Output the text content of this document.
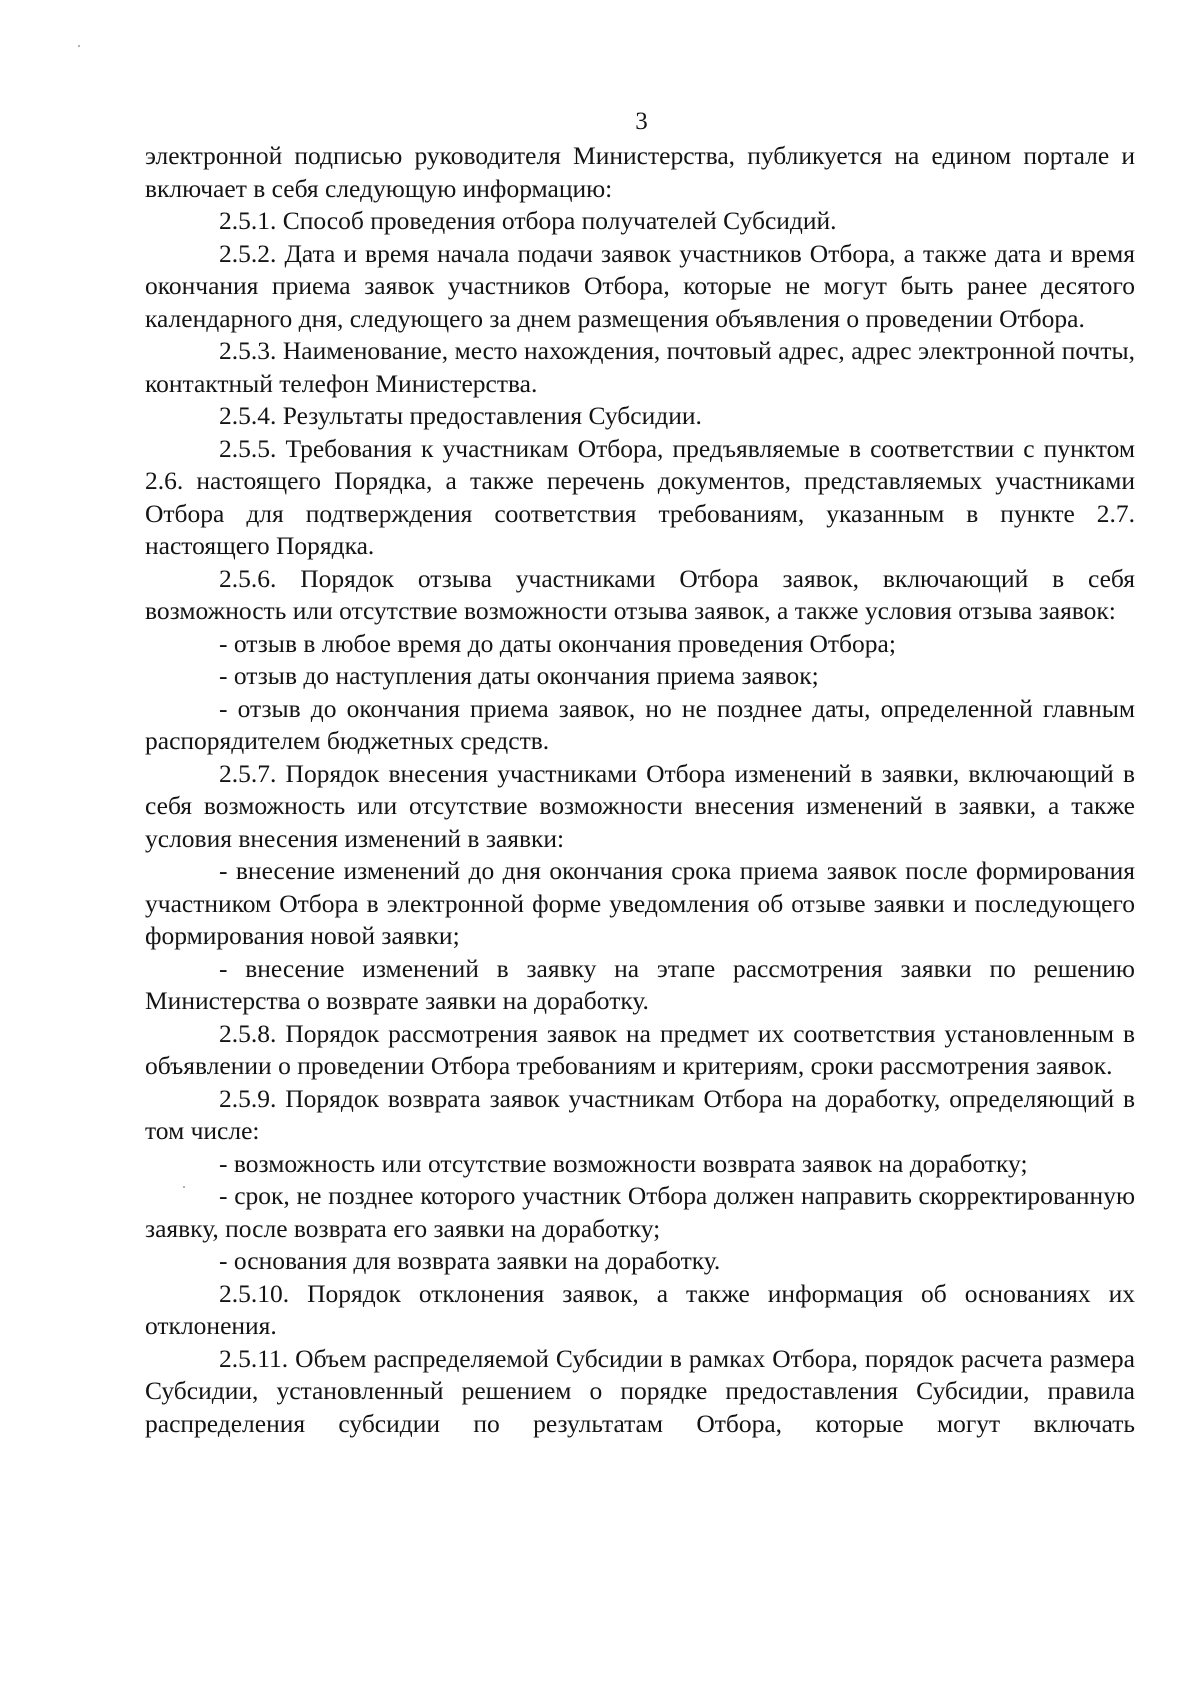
3

электронной подписью руководителя Министерства, публикуется на едином портале и включает в себя следующую информацию:

2.5.1. Способ проведения отбора получателей Субсидий.

2.5.2. Дата и время начала подачи заявок участников Отбора, а также дата и время окончания приема заявок участников Отбора, которые не могут быть ранее десятого календарного дня, следующего за днем размещения объявления о проведении Отбора.

2.5.3. Наименование, место нахождения, почтовый адрес, адрес электронной почты, контактный телефон Министерства.

2.5.4. Результаты предоставления Субсидии.

2.5.5. Требования к участникам Отбора, предъявляемые в соответствии с пунктом 2.6. настоящего Порядка, а также перечень документов, представляемых участниками Отбора для подтверждения соответствия требованиям, указанным в пункте 2.7. настоящего Порядка.

2.5.6. Порядок отзыва участниками Отбора заявок, включающий в себя возможность или отсутствие возможности отзыва заявок, а также условия отзыва заявок:

- отзыв в любое время до даты окончания проведения Отбора;

- отзыв до наступления даты окончания приема заявок;

- отзыв до окончания приема заявок, но не позднее даты, определенной главным распорядителем бюджетных средств.

2.5.7. Порядок внесения участниками Отбора изменений в заявки, включающий в себя возможность или отсутствие возможности внесения изменений в заявки, а также условия внесения изменений в заявки:

- внесение изменений до дня окончания срока приема заявок после формирования участником Отбора в электронной форме уведомления об отзыве заявки и последующего формирования новой заявки;

- внесение изменений в заявку на этапе рассмотрения заявки по решению Министерства о возврате заявки на доработку.

2.5.8. Порядок рассмотрения заявок на предмет их соответствия установленным в объявлении о проведении Отбора требованиям и критериям, сроки рассмотрения заявок.

2.5.9. Порядок возврата заявок участникам Отбора на доработку, определяющий в том числе:

- возможность или отсутствие возможности возврата заявок на доработку;

- срок, не позднее которого участник Отбора должен направить скорректированную заявку, после возврата его заявки на доработку;

- основания для возврата заявки на доработку.

2.5.10. Порядок отклонения заявок, а также информация об основаниях их отклонения.

2.5.11. Объем распределяемой Субсидии в рамках Отбора, порядок расчета размера Субсидии, установленный решением о порядке предоставления Субсидии, правила распределения субсидии по результатам Отбора, которые могут включать
